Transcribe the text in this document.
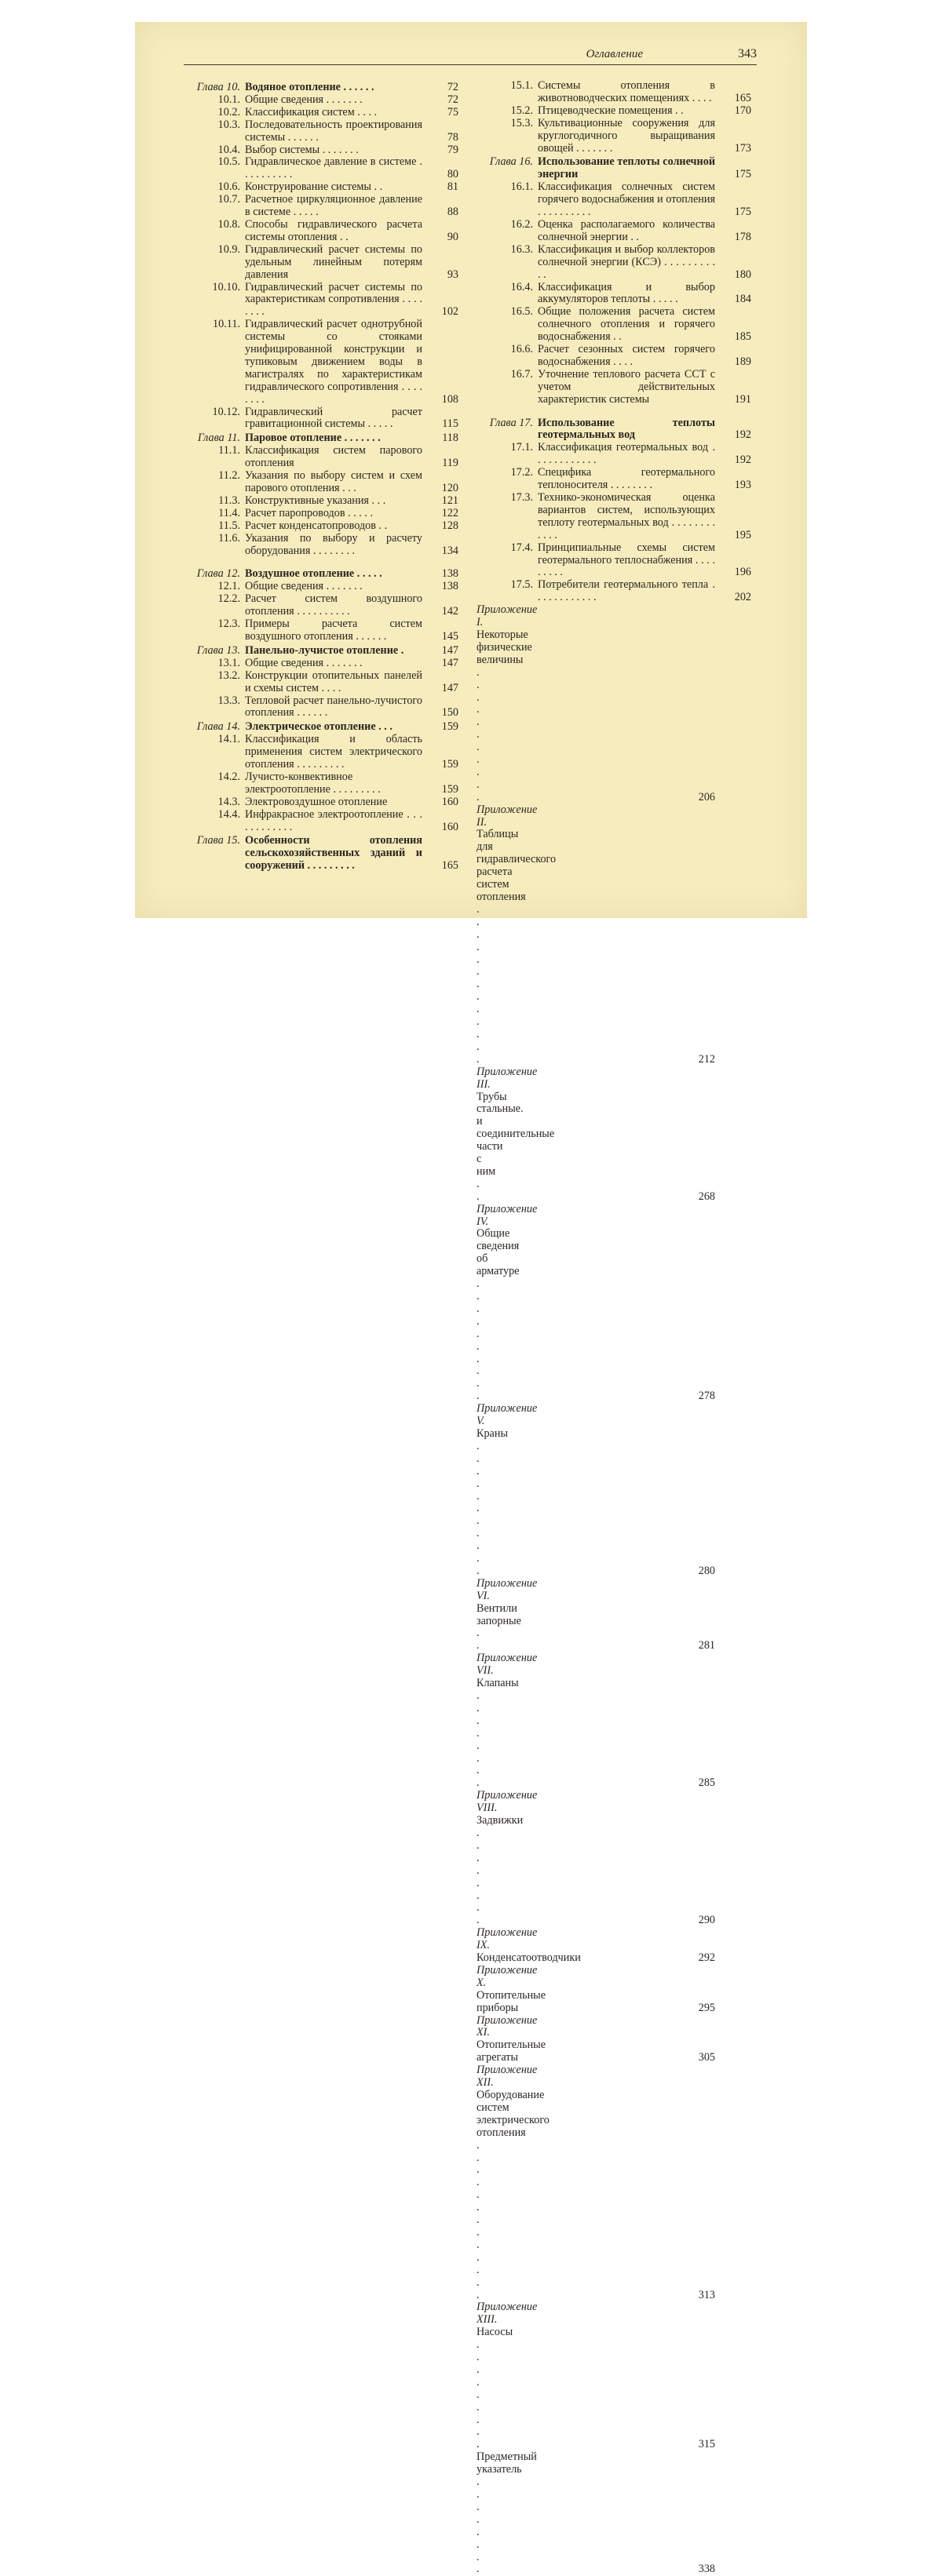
Оглавление	343
Глава 10. Водяное отопление . . . . . .	72
10.1. Общие сведения . . . . . . .	72
10.2. Классификация систем . . . .	75
10.3. Последовательность проектирования системы . . . . . .	78
10.4. Выбор системы . . . . . . .	79
10.5. Гидравлическое давление в системе . . . . . . . . . .	80
10.6. Конструирование системы . .	81
10.7. Расчетное циркуляционное давление в системе . . . . .	88
10.8. Способы гидравлического расчета системы отопления . .	90
10.9. Гидравлический расчет системы по удельным линейным потерям давления	93
10.10. Гидравлический расчет системы по характеристикам сопротивления . . . . . . . .	102
10.11. Гидравлический расчет однотрубной системы со стояками унифицированной конструкции и тупиковым движением воды в магистралях по характеристикам гидравлического сопротивления . . . . . . . .	108
10.12. Гидравлический расчет гравитационной системы . . . . .	115
Глава 11. Паровое отопление . . . . . . .	118
11.1. Классификация систем парового отопления	119
11.2. Указания по выбору систем и схем парового отопления . . .	120
11.3. Конструктивные указания . . .	121
11.4. Расчет паропроводов . . . . .	122
11.5. Расчет конденсатопроводов . .	128
11.6. Указания по выбору и расчету оборудования . . . . . . . .	134
Глава 12. Воздушное отопление . . . . .	138
12.1. Общие сведения . . . . . . .	138
12.2. Расчет систем воздушного отопления . . . . . . . . . .	142
12.3. Примеры расчета систем воздушного отопления . . . . . .	145
Глава 13. Панельно-лучистое отопление .	147
13.1. Общие сведения . . . . . . .	147
13.2. Конструкции отопительных панелей и схемы систем . . . .	147
13.3. Тепловой расчет панельно-лучистого отопления . . . . . .	150
Глава 14. Электрическое отопление . . .	159
14.1. Классификация и область применения систем электрического отопления . . . . . . . . .	159
14.2. Лучисто-конвективное электроотопление . . . . . . . . .	159
14.3. Электровоздушное отопление	160
14.4. Инфракрасное электроотопление . . . . . . . . . . . .	160
Глава 15. Особенности отопления сельскохозяйственных зданий и сооружений . . . . . . . . .	165
15.1. Системы отопления в животноводческих помещениях . . . .	165
15.2. Птицеводческие помещения . .	170
15.3. Культивационные сооружения для круглогодичного выращивания овощей . . . . . . .	173
Глава 16. Использование теплоты солнечной энергии	175
16.1. Классификация солнечных систем горячего водоснабжения и отопления . . . . . . . . . .	175
16.2. Оценка располагаемого количества солнечной энергии . .	178
16.3. Классификация и выбор коллекторов солнечной энергии (КСЭ) . . . . . . . . . . .	180
16.4. Классификация и выбор аккумуляторов теплоты . . . . .	184
16.5. Общие положения расчета систем солнечного отопления и горячего водоснабжения . .	185
16.6. Расчет сезонных систем горячего водоснабжения . . . .	189
16.7. Уточнение теплового расчета ССТ с учетом действительных характеристик системы	191
Глава 17. Использование теплоты геотермальных вод	192
17.1. Классификация геотермальных вод . . . . . . . . . . . .	192
17.2. Специфика геотермального теплоносителя . . . . . . . .	193
17.3. Технико-экономическая оценка вариантов систем, использующих теплоту геотермальных вод . . . . . . . . . . . .	195
17.4. Принципиальные схемы систем геотермального теплоснабжения . . . . . . . . .	196
17.5. Потребители геотермального тепла . . . . . . . . . . . .	202
Приложение I. Некоторые физические величины . . . . . . . . . . .	206
Приложение II. Таблицы для гидравлического расчета систем отопления . . . . . . . . . . . . .	212
Приложение III. Трубы стальные. и соединительные части с ним . .	268
Приложение IV. Общие сведения об арматуре . . . . . . . . . .	278
Приложение V. Краны . . . . . . . . . . .	280
Приложение VI. Вентили запорные . .	281
Приложение VII. Клапаны . . . . . . . .	285
Приложение VIII. Задвижки . . . . . . . .	290
Приложение IX. Конденсатоотводчики	292
Приложение X. Отопительные приборы	295
Приложение XI. Отопительные агрегаты	305
Приложение XII. Оборудование систем электрического отопления . . . . . . . . . . . . .	313
Приложение XIII. Насосы . . . . . . . . .	315
Предметный указатель . . . . . . . .	338
